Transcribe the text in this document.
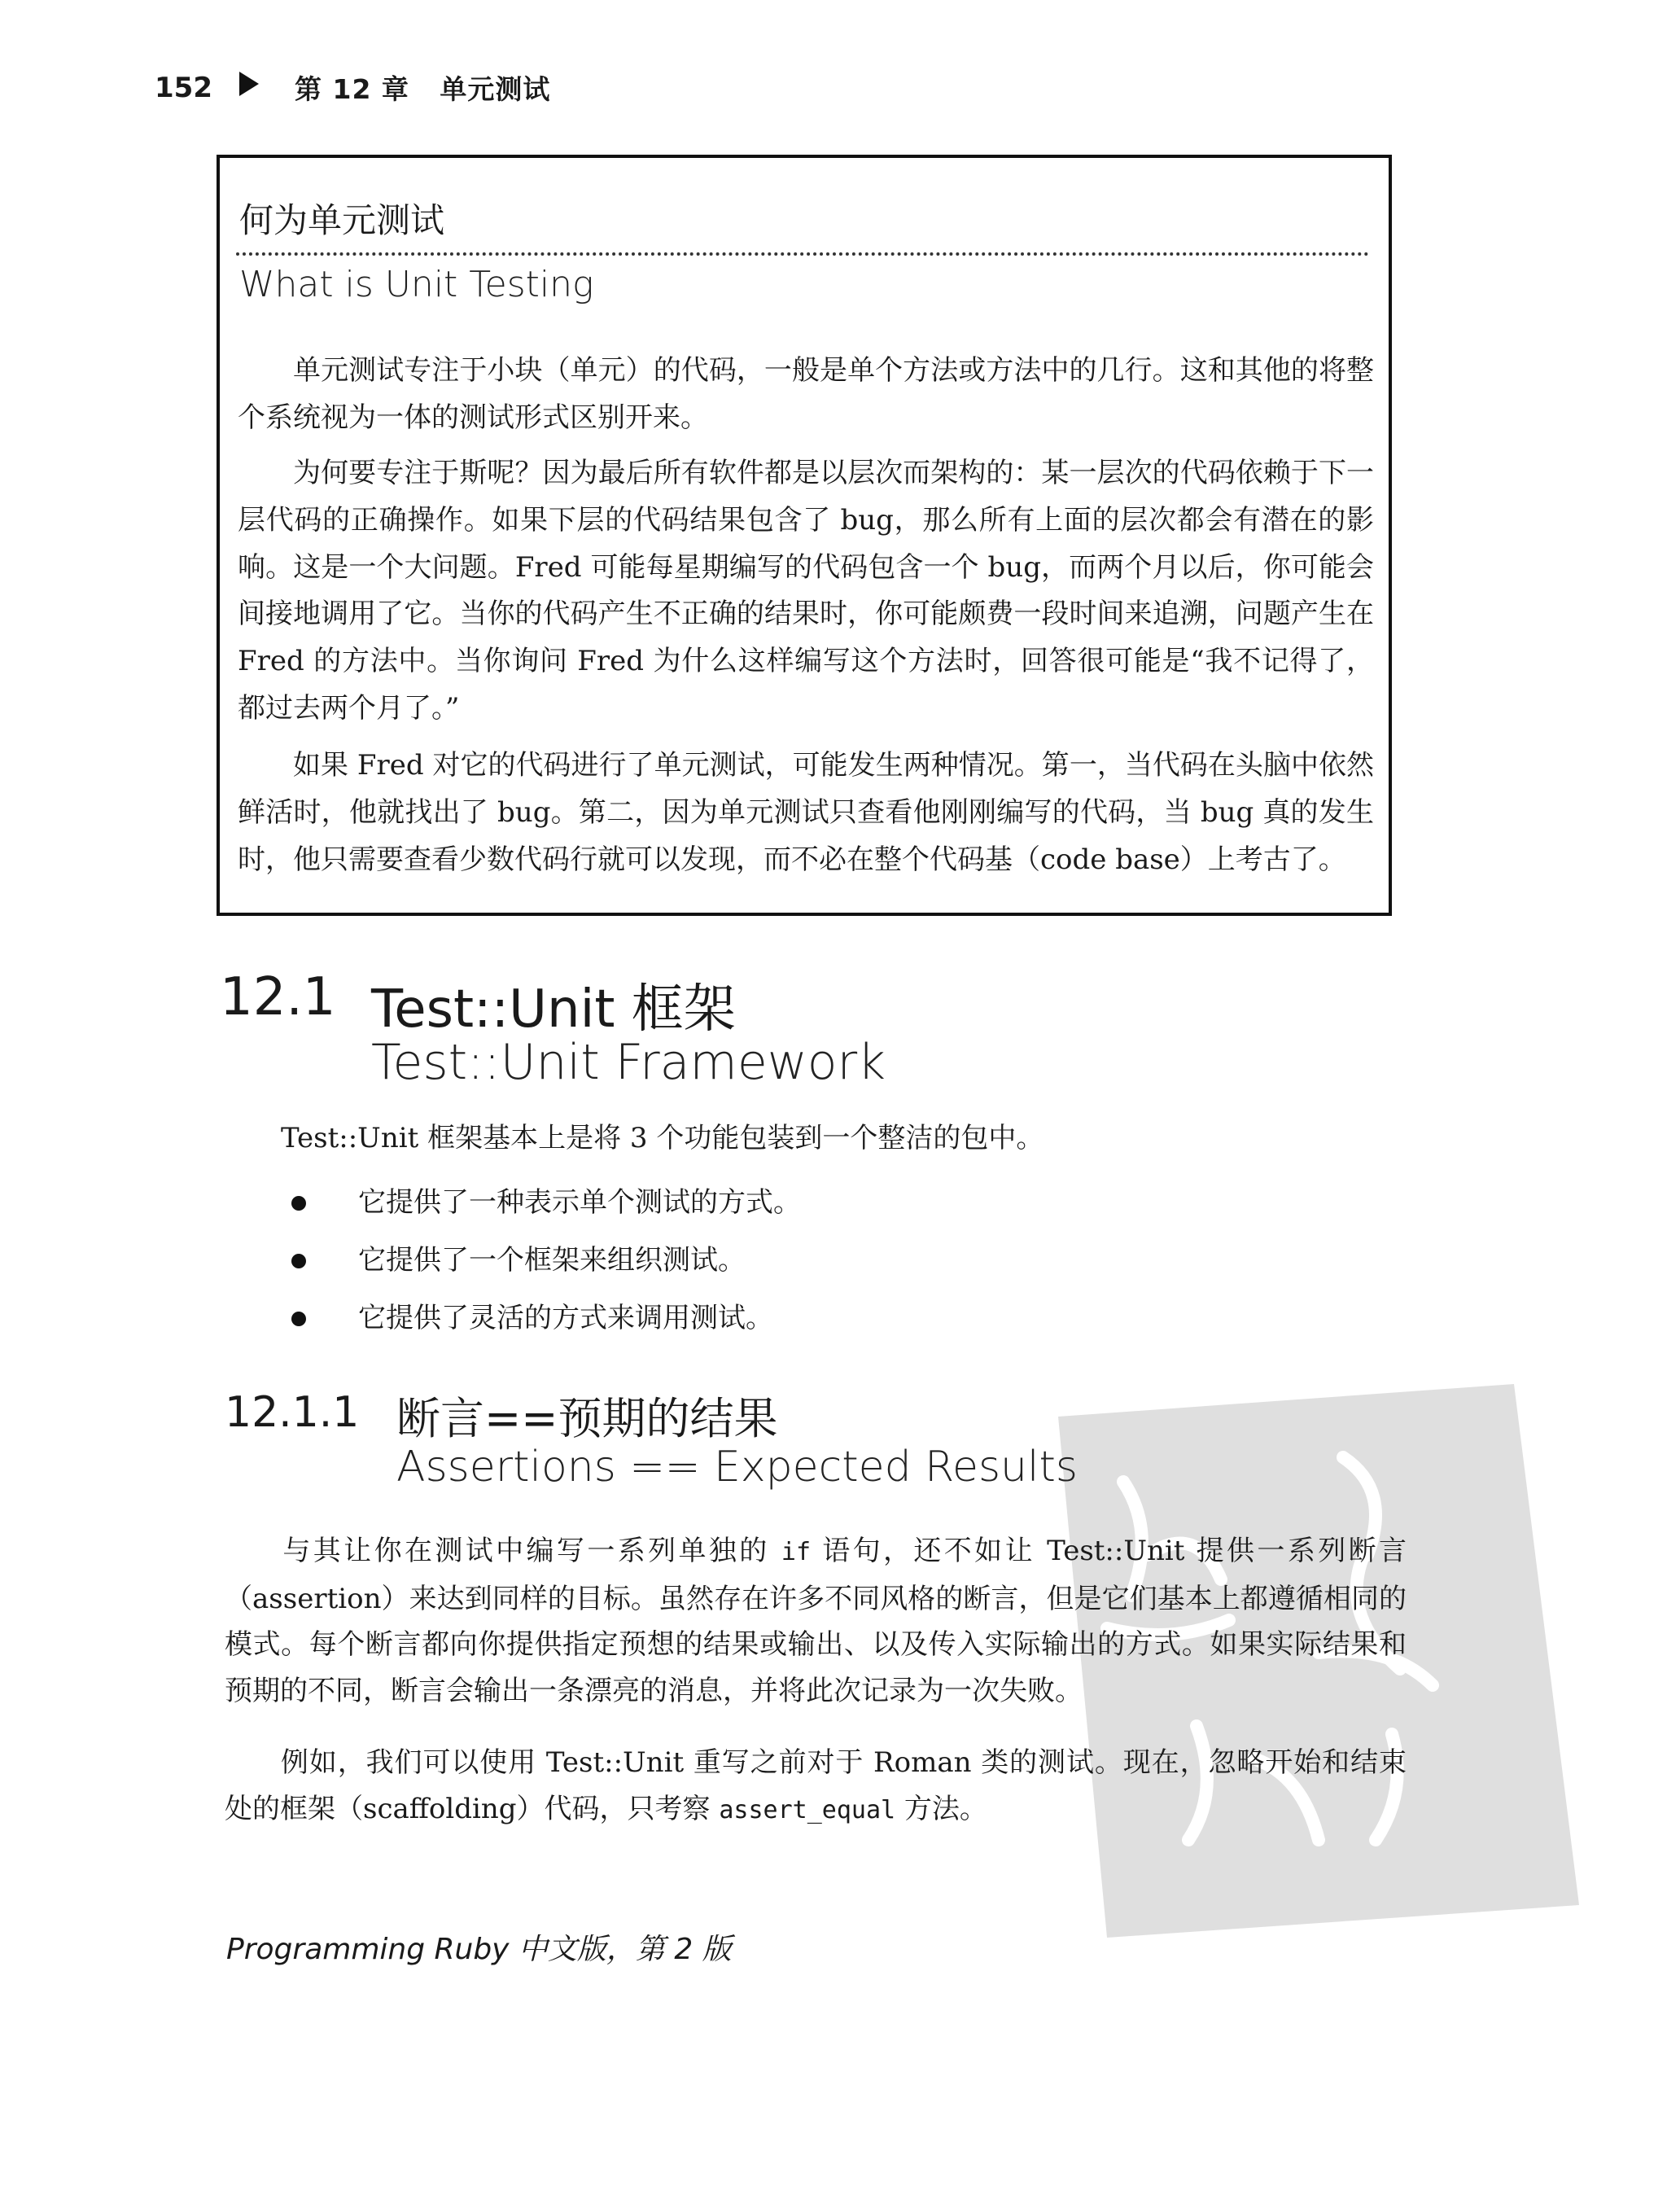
152	第 12 章   单元测试
何为单元测试
What is Unit Testing
单元测试专注于小块（单元）的代码，一般是单个方法或方法中的几行。这和其他的将整个系统视为一体的测试形式区别开来。
为何要专注于斯呢？因为最后所有软件都是以层次而架构的：某一层次的代码依赖于下一层代码的正确操作。如果下层的代码结果包含了 bug，那么所有上面的层次都会有潜在的影响。这是一个大问题。Fred 可能每星期编写的代码包含一个 bug，而两个月以后，你可能会间接地调用了它。当你的代码产生不正确的结果时，你可能颇费一段时间来追溯，问题产生在 Fred 的方法中。当你询问 Fred 为什么这样编写这个方法时，回答很可能是“我不记得了，都过去两个月了。”
如果 Fred 对它的代码进行了单元测试，可能发生两种情况。第一，当代码在头脑中依然鲜活时，他就找出了 bug。第二，因为单元测试只查看他刚刚编写的代码，当 bug 真的发生时，他只需要查看少数代码行就可以发现，而不必在整个代码基（code base）上考古了。
12.1 Test::Unit 框架
Test::Unit Framework
Test::Unit 框架基本上是将 3 个功能包装到一个整洁的包中。
它提供了一种表示单个测试的方式。
它提供了一个框架来组织测试。
它提供了灵活的方式来调用测试。
12.1.1 断言==预期的结果
Assertions == Expected Results
与其让你在测试中编写一系列单独的 if 语句，还不如让 Test::Unit 提供一系列断言（assertion）来达到同样的目标。虽然存在许多不同风格的断言，但是它们基本上都遵循相同的模式。每个断言都向你提供指定预想的结果或输出、以及传入实际输出的方式。如果实际结果和预期的不同，断言会输出一条漂亮的消息，并将此次记录为一次失败。
例如，我们可以使用 Test::Unit 重写之前对于 Roman 类的测试。现在，忽略开始和结束处的框架（scaffolding）代码，只考察 assert_equal 方法。
Programming Ruby 中文版，第 2 版
